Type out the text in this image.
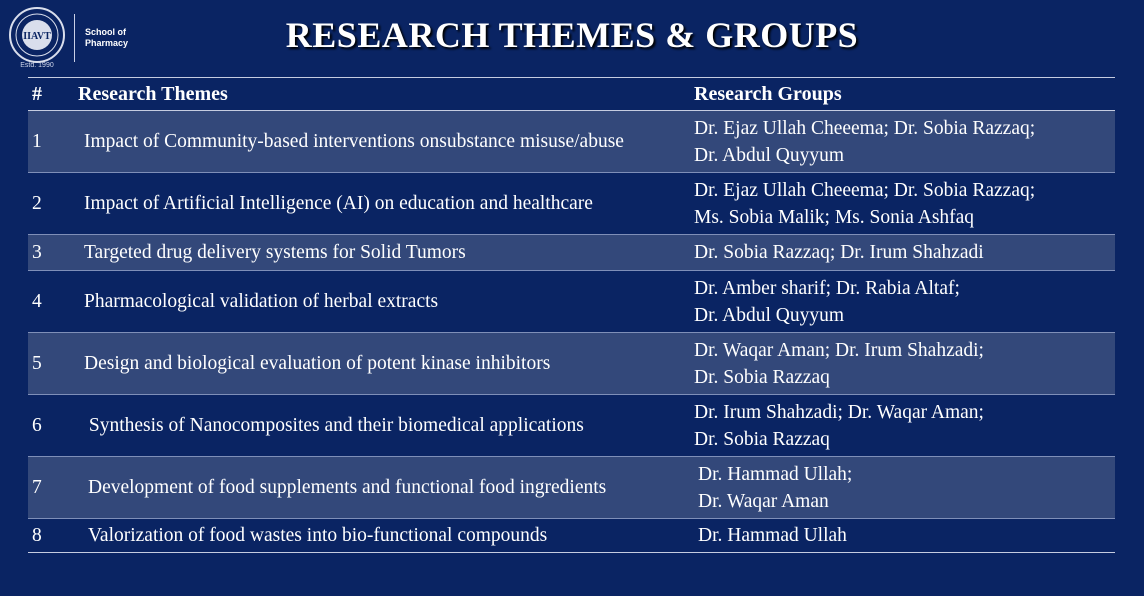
IIAVT
Estd. 1990
School of
Pharmacy	RESEARCH THEMES & GROUPS
#	Research Themes	Research Groups
1	Impact of Community-based interventions onsubstance misuse/abuse	Dr. Ejaz Ullah Cheeema; Dr. Sobia Razzaq;
Dr. Abdul Quyyum

2	Impact of Artificial Intelligence (AI) on education and healthcare	Dr. Ejaz Ullah Cheeema; Dr. Sobia Razzaq;
Ms. Sobia Malik; Ms. Sonia Ashfaq

3	Targeted drug delivery systems for Solid Tumors	Dr. Sobia Razzaq; Dr. Irum Shahzadi

4	Pharmacological validation of herbal extracts	Dr. Amber sharif; Dr. Rabia Altaf;
Dr. Abdul Quyyum

5	Design and biological evaluation of potent kinase inhibitors	Dr. Waqar Aman; Dr. Irum Shahzadi;
Dr. Sobia Razzaq

6	Synthesis of Nanocomposites and their biomedical applications	Dr. Irum Shahzadi; Dr. Waqar Aman;
Dr. Sobia Razzaq

7	Development of food supplements and functional food ingredients	Dr. Hammad Ullah;
Dr. Waqar Aman

8	Valorization of food wastes into bio-functional compounds	Dr. Hammad Ullah
